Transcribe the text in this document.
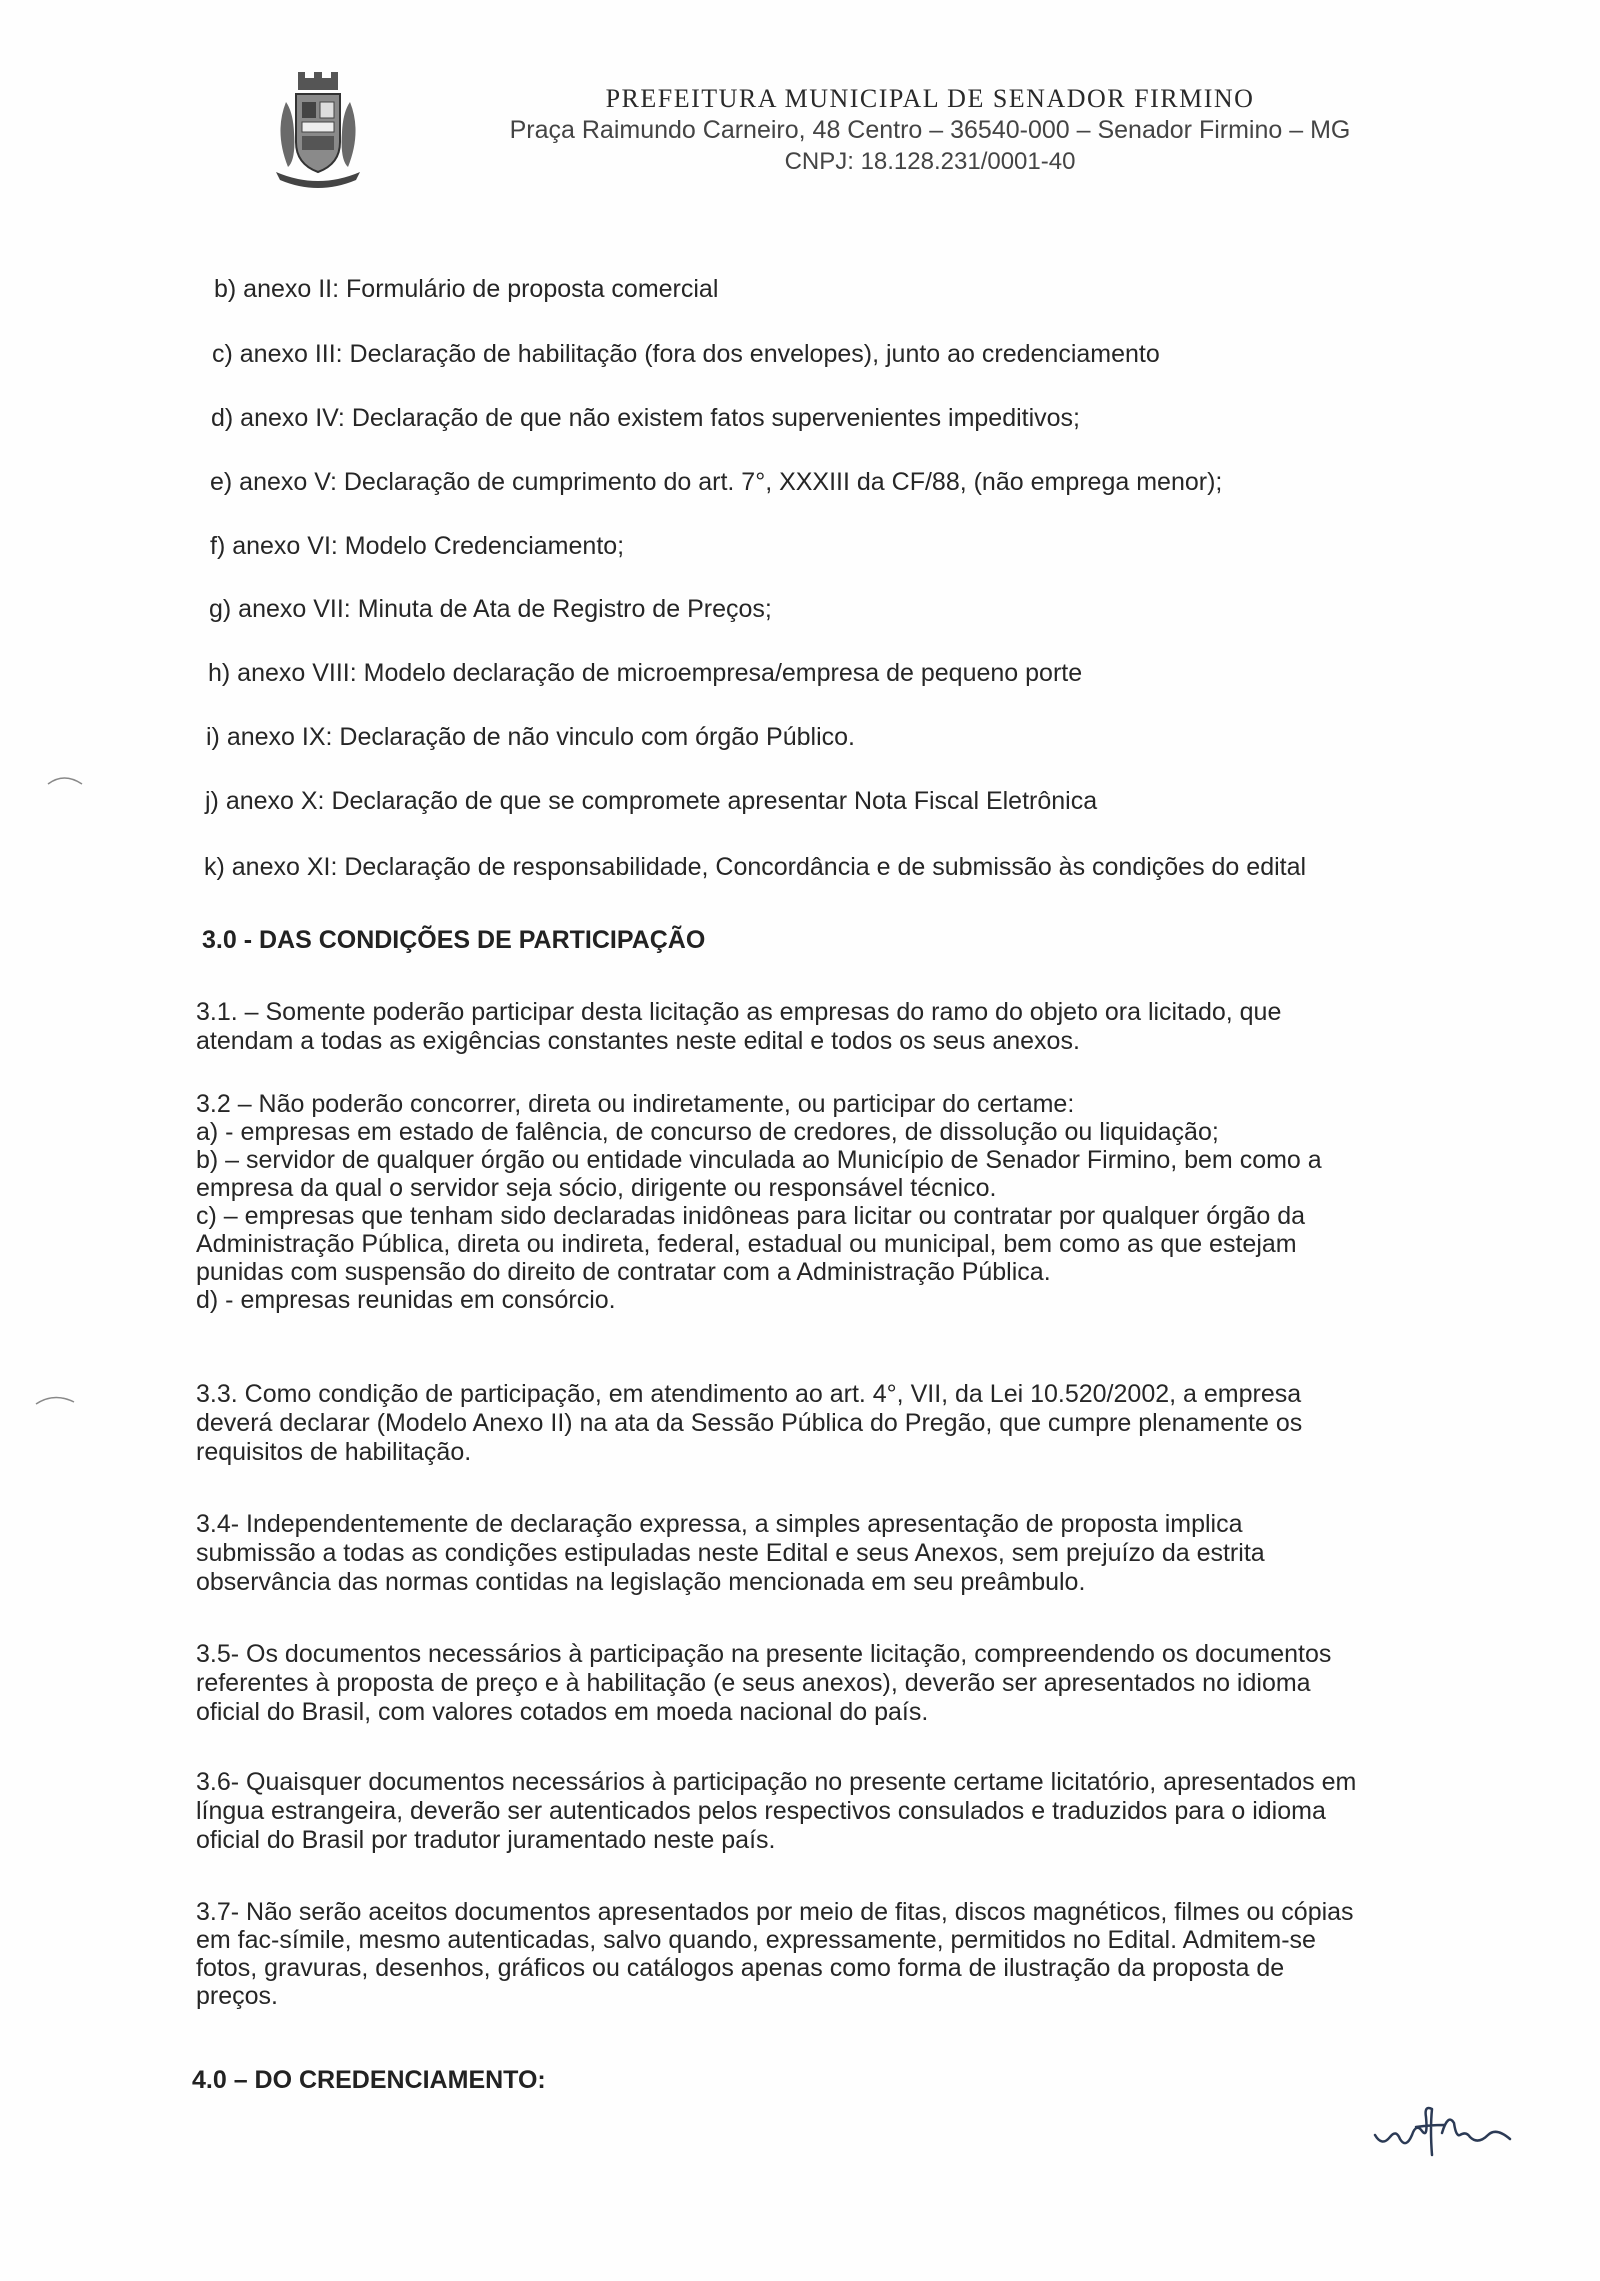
PREFEITURA MUNICIPAL DE SENADOR FIRMINO
Praça Raimundo Carneiro, 48 Centro – 36540-000 – Senador Firmino – MG
CNPJ: 18.128.231/0001-40
b) anexo II: Formulário de proposta comercial
c) anexo III: Declaração de habilitação (fora dos envelopes), junto ao credenciamento
d) anexo IV: Declaração de que não existem fatos supervenientes impeditivos;
e) anexo V: Declaração de cumprimento do art. 7°, XXXIII da CF/88, (não emprega menor);
f) anexo VI: Modelo Credenciamento;
g) anexo VII: Minuta de Ata de Registro de Preços;
h) anexo VIII: Modelo declaração de microempresa/empresa de pequeno porte
i) anexo IX: Declaração de não vinculo com órgão Público.
j) anexo X: Declaração de que se compromete apresentar Nota Fiscal Eletrônica
k) anexo XI: Declaração de responsabilidade, Concordância e de submissão às condições do edital
3.0 - DAS CONDIÇÕES DE PARTICIPAÇÃO
3.1. – Somente poderão participar desta licitação as empresas do ramo do objeto ora licitado, que
atendam a todas as exigências constantes neste edital e todos os seus anexos.
3.2 – Não poderão concorrer, direta ou indiretamente, ou participar do certame:
a) - empresas em estado de falência, de concurso de credores, de dissolução ou liquidação;
b) – servidor de qualquer órgão ou entidade vinculada ao Município de Senador Firmino, bem como a
empresa da qual o servidor seja sócio, dirigente ou responsável técnico.
c) – empresas que tenham sido declaradas inidôneas para licitar ou contratar por qualquer órgão da
Administração Pública, direta ou indireta, federal, estadual ou municipal, bem como as que estejam
punidas com suspensão do direito de contratar com a Administração Pública.
d) - empresas reunidas em consórcio.
3.3. Como condição de participação, em atendimento ao art. 4°, VII, da Lei 10.520/2002, a empresa
deverá declarar (Modelo Anexo II) na ata da Sessão Pública do Pregão, que cumpre plenamente os
requisitos de habilitação.
3.4- Independentemente de declaração expressa, a simples apresentação de proposta implica
submissão a todas as condições estipuladas neste Edital e seus Anexos, sem prejuízo da estrita
observância das normas contidas na legislação mencionada em seu preâmbulo.
3.5- Os documentos necessários à participação na presente licitação, compreendendo os documentos
referentes à proposta de preço e à habilitação (e seus anexos), deverão ser apresentados no idioma
oficial do Brasil, com valores cotados em moeda nacional do país.
3.6- Quaisquer documentos necessários à participação no presente certame licitatório, apresentados em
língua estrangeira, deverão ser autenticados pelos respectivos consulados e traduzidos para o idioma
oficial do Brasil por tradutor juramentado neste país.
3.7- Não serão aceitos documentos apresentados por meio de fitas, discos magnéticos, filmes ou cópias
em fac-símile, mesmo autenticadas, salvo quando, expressamente, permitidos no Edital. Admitem-se
fotos, gravuras, desenhos, gráficos ou catálogos apenas como forma de ilustração da proposta de
preços.
4.0 – DO CREDENCIAMENTO:
